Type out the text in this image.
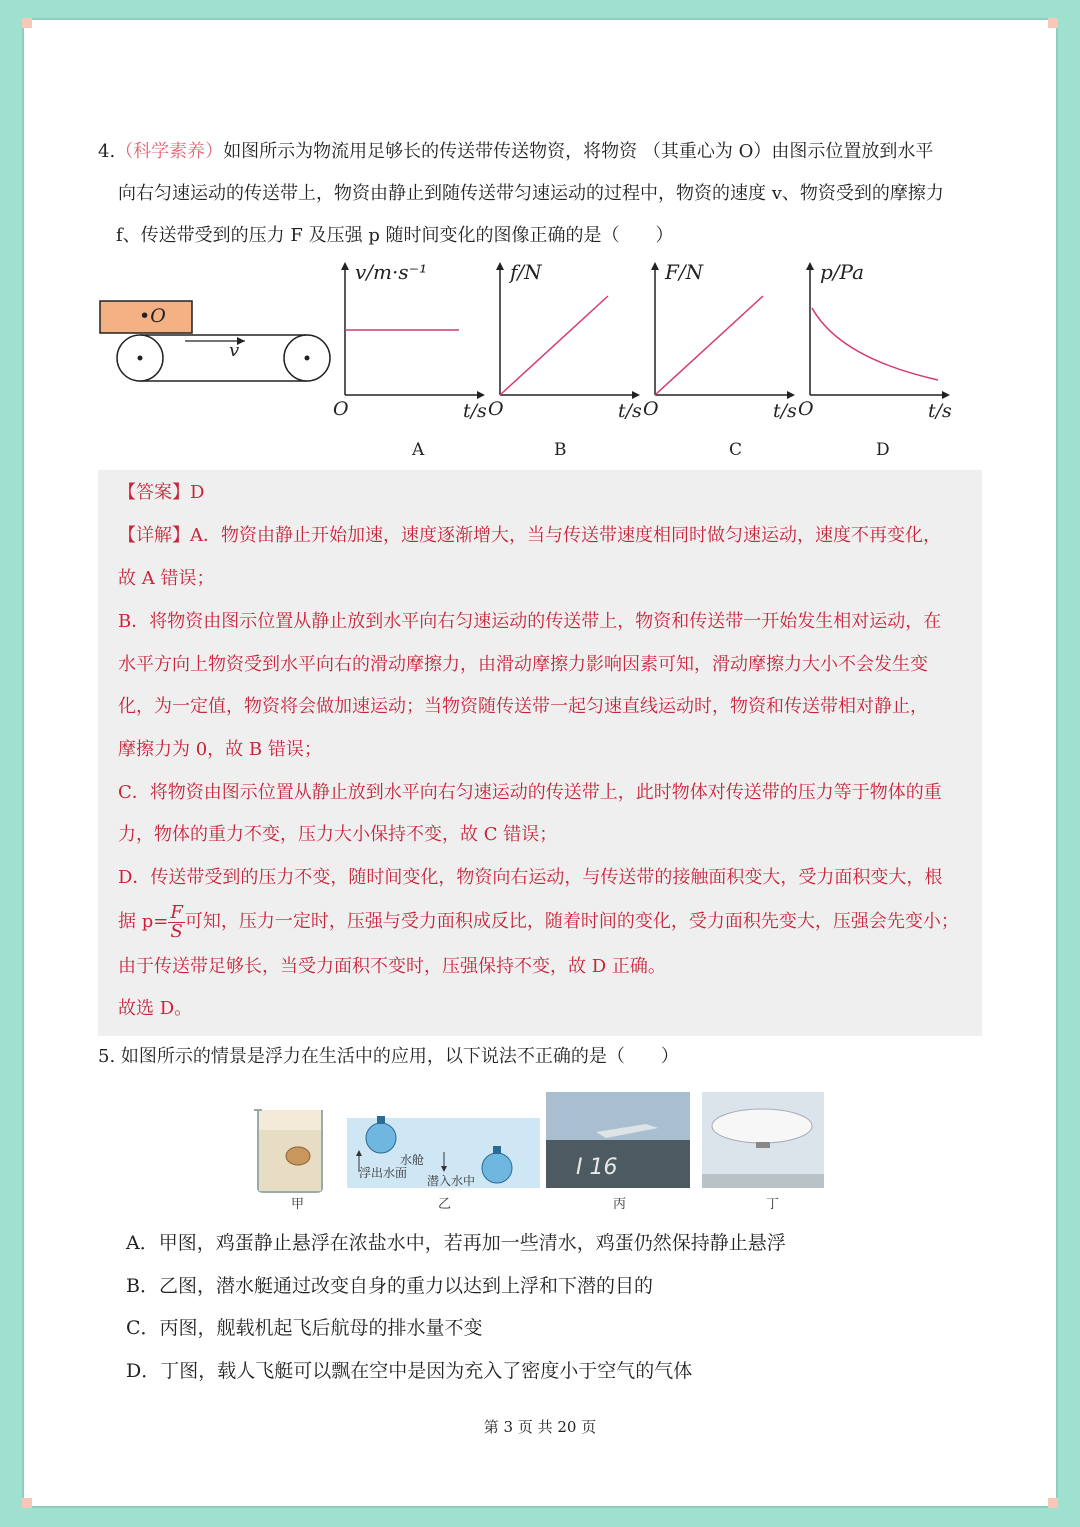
4.（科学素养）如图所示为物流用足够长的传送带传送物资，将物资 （其重心为 O）由图示位置放到水平
向右匀速运动的传送带上，物资由静止到随传送带匀速运动的过程中，物资的速度 v、物资受到的摩擦力
f、传送带受到的压力 F 及压强 p 随时间变化的图像正确的是（　　）
•O
v
v/m·s⁻¹
O	t/s
A
f/N
O	t/s
B
F/N
O	t/s
C
p/Pa
O	t/s
D
【答案】D
【详解】A．物资由静止开始加速，速度逐渐增大，当与传送带速度相同时做匀速运动，速度不再变化，
故 A 错误；
B．将物资由图示位置从静止放到水平向右匀速运动的传送带上，物资和传送带一开始发生相对运动，在
水平方向上物资受到水平向右的滑动摩擦力，由滑动摩擦力影响因素可知，滑动摩擦力大小不会发生变
化，为一定值，物资将会做加速运动；当物资随传送带一起匀速直线运动时，物资和传送带相对静止，
摩擦力为 0，故 B 错误；
C．将物资由图示位置从静止放到水平向右匀速运动的传送带上，此时物体对传送带的压力等于物体的重
力，物体的重力不变，压力大小保持不变，故 C 错误；
D．传送带受到的压力不变，随时间变化，物资向右运动，与传送带的接触面积变大，受力面积变大，根
据 $p= \frac{F}{S}$ 可知，压力一定时，压强与受力面积成反比，随着时间的变化，受力面积先变大，压强会先变小；
由于传送带足够长，当受力面积不变时，压强保持不变，故 D 正确。
故选 D。
5. 如图所示的情景是浮力在生活中的应用，以下说法不正确的是（　　）
甲
水舱
浮出水面
潜入水中
乙
I 16
丙	丁
A．甲图，鸡蛋静止悬浮在浓盐水中，若再加一些清水，鸡蛋仍然保持静止悬浮
B．乙图，潜水艇通过改变自身的重力以达到上浮和下潜的目的
C．丙图，舰载机起飞后航母的排水量不变
D．丁图，载人飞艇可以飘在空中是因为充入了密度小于空气的气体
第 3 页 共 20 页
